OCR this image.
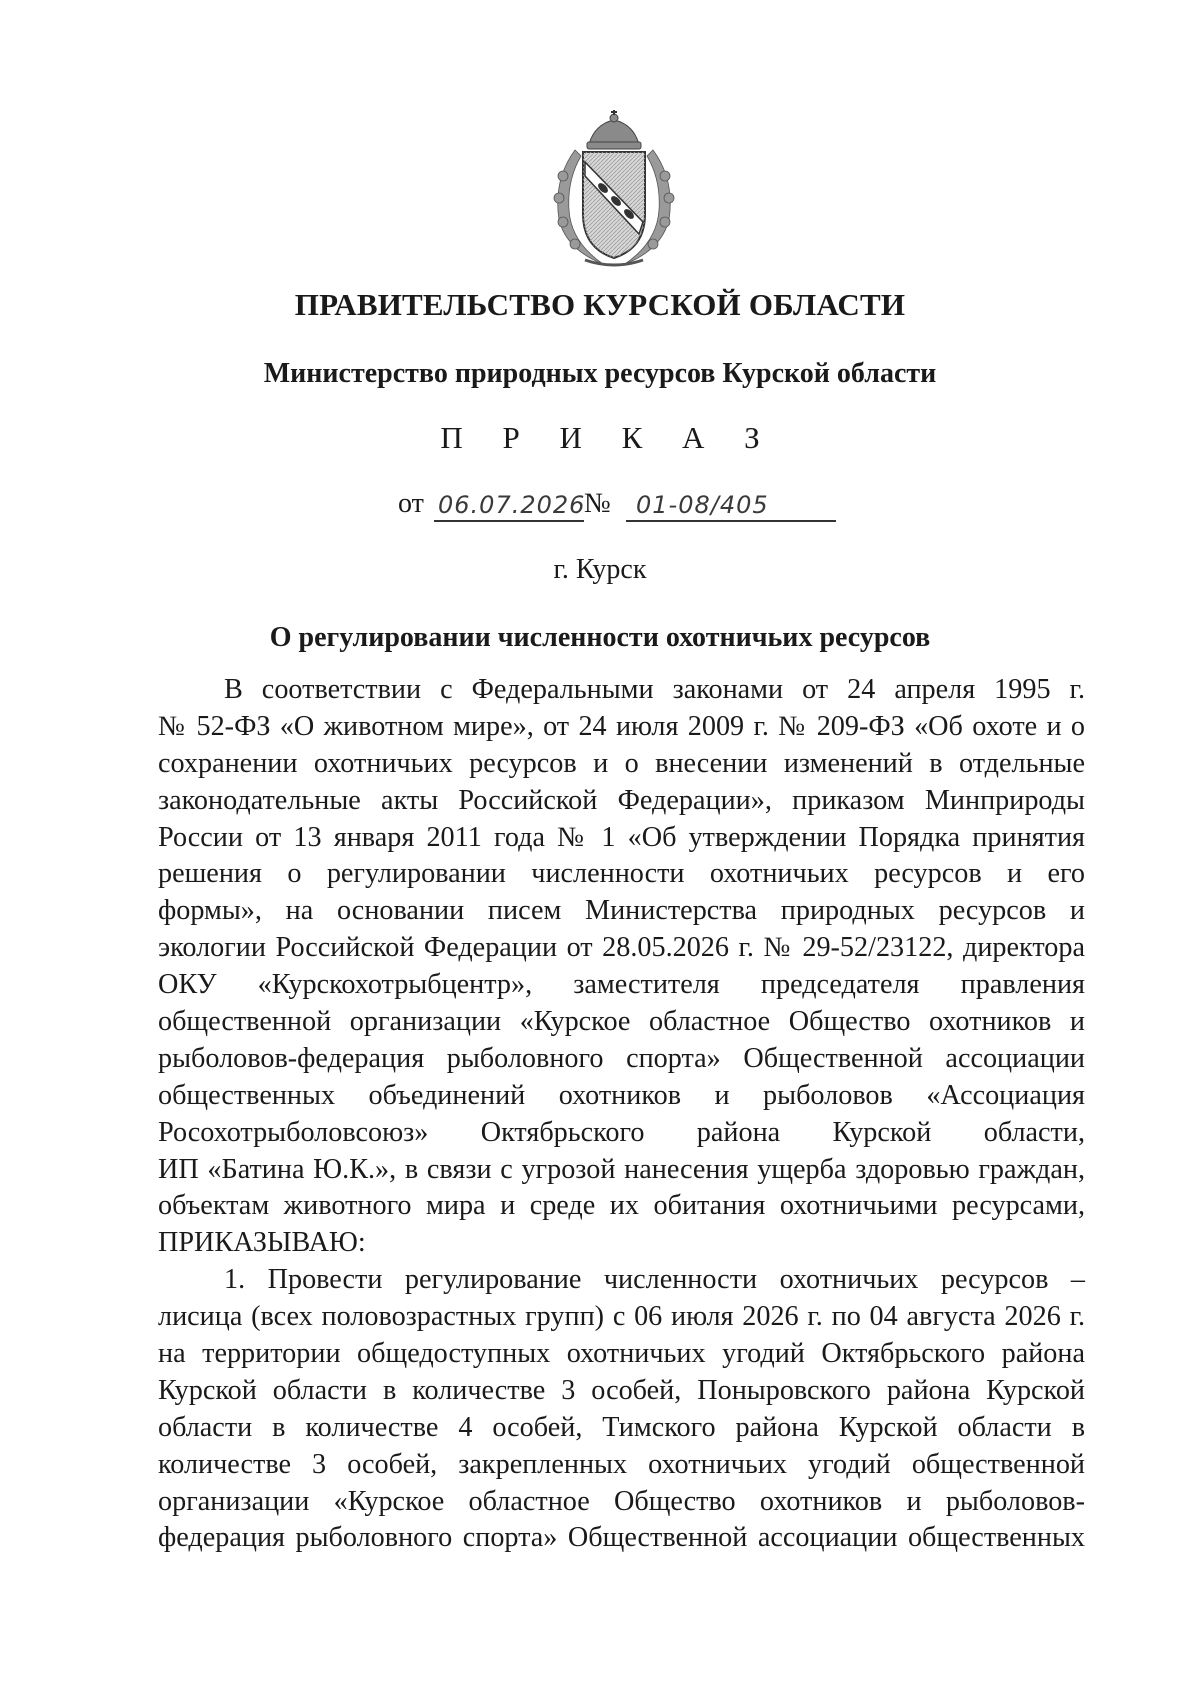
ПРАВИТЕЛЬСТВО КУРСКОЙ ОБЛАСТИ
Министерство природных ресурсов Курской области
П Р И К А З
от 06.07.2026
№ 01-08/405
г. Курск
О регулировании численности охотничьих ресурсов
В соответствии с Федеральными законами от 24 апреля 1995 г.
№ 52-ФЗ «О животном мире», от 24 июля 2009 г. № 209-ФЗ «Об охоте и о
сохранении охотничьих ресурсов и о внесении изменений в отдельные
законодательные акты Российской Федерации», приказом Минприроды
России от 13 января 2011 года № 1 «Об утверждении Порядка принятия
решения о регулировании численности охотничьих ресурсов и его
формы», на основании писем Министерства природных ресурсов и
экологии Российской Федерации от 28.05.2026 г. № 29-52/23122, директора
ОКУ «Курскохотрыбцентр», заместителя председателя правления
общественной организации «Курское областное Общество охотников и
рыболовов-федерация рыболовного спорта» Общественной ассоциации
общественных объединений охотников и рыболовов «Ассоциация
Росохотрыболовсоюз» Октябрьского района Курской области,
ИП «Батина Ю.К.», в связи с угрозой нанесения ущерба здоровью граждан,
объектам животного мира и среде их обитания охотничьими ресурсами,
ПРИКАЗЫВАЮ:
1. Провести регулирование численности охотничьих ресурсов –
лисица (всех половозрастных групп) с 06 июля 2026 г. по 04 августа 2026 г.
на территории общедоступных охотничьих угодий Октябрьского района
Курской области в количестве 3 особей, Поныровского района Курской
области в количестве 4 особей, Тимского района Курской области в
количестве 3 особей, закрепленных охотничьих угодий общественной
организации «Курское областное Общество охотников и рыболовов-
федерация рыболовного спорта» Общественной ассоциации общественных
